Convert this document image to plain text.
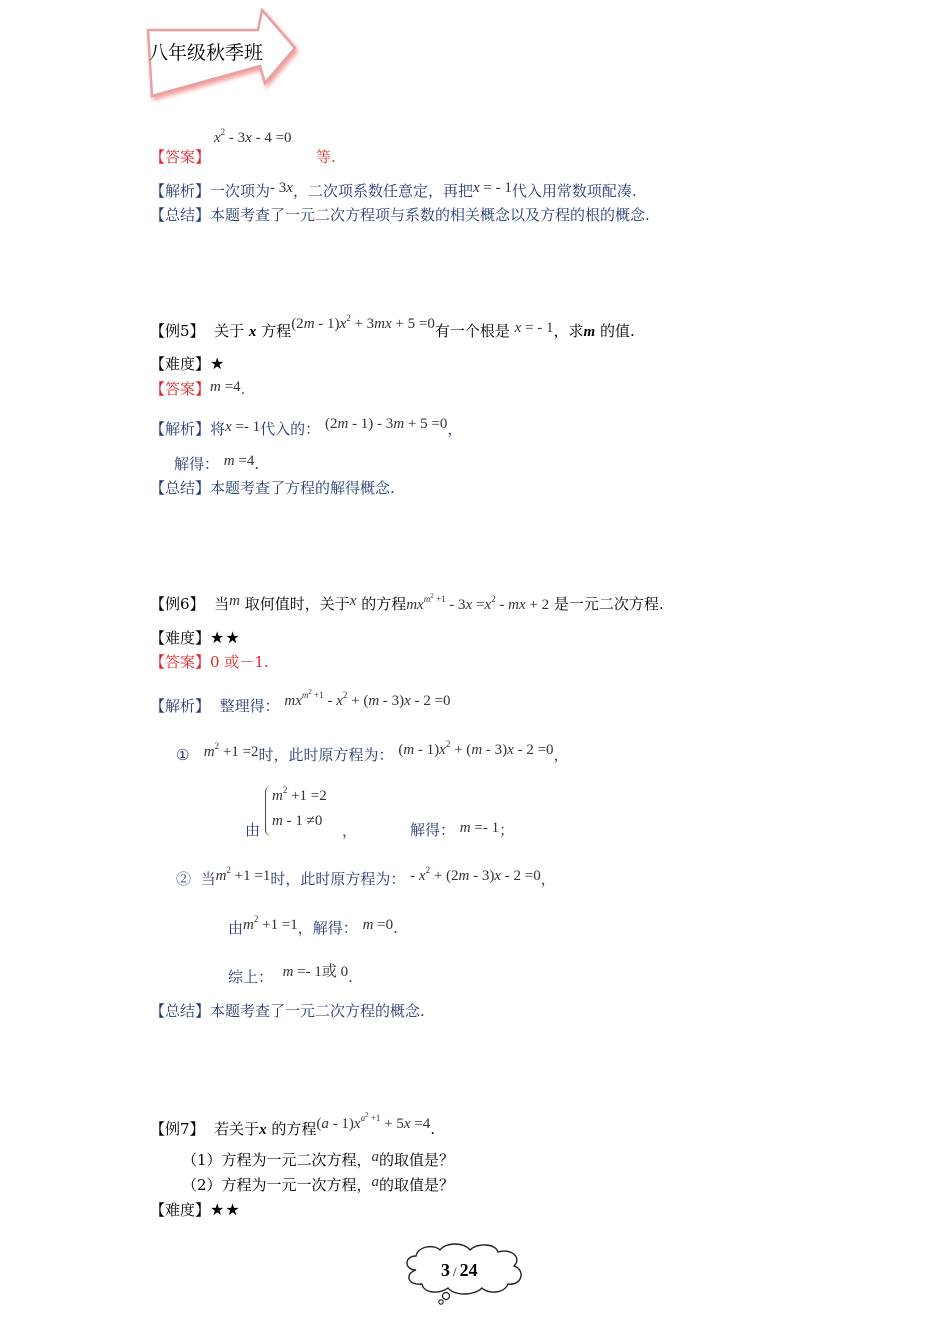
八年级秋季班
【答案】
$x^2 - 3x - 4 =0$
等.
【解析】一次项为- 3x，二次项系数任意定，再把x = - 1代入用常数项配凑.
【总结】本题考查了一元二次方程项与系数的相关概念以及方程的根的概念.
【例5】 关于 x 方程$(2m - 1)x^2 + 3mx + 5 =0$有一个根是 x = - 1，求m 的值.
【难度】★
【答案】m =4.
【解析】将x =- 1代入的： (2m - 1) - 3m + 5 =0，
解得： m =4.
【总结】本题考查了方程的解得概念.
【例6】 当m 取何值时，关于x 的方程$mx^{m^2 +1} - 3x =x^2$ - mx + 2 是一元二次方程.
【难度】★★
【答案】0 或－1.
【解析】 整理得： $mx^{m^2 +1} - x^2 + (m - 3)x - 2 =0$
① $m^2 +1 =2$时，此时原方程为： $(m - 1)x^2 + (m - 3)x - 2 =0$，
由
$m^2 +1 =2$
m - 1 ≠0
，	解得： m =- 1；
② 当$m^2 +1 =1$时，此时原方程为： - $x^2 + (2m - 3)x - 2 =0$，
由$m^2 +1 =1$，解得： m =0.
综上： m =- 1或 0.
【总结】本题考查了一元二次方程的概念.
【例7】 若关于x 的方程$(a - 1)x^{a^2 +1} + 5x =4$.
（1）方程为一元二次方程，a的取值是？
（2）方程为一元一次方程，a的取值是？
【难度】★★
3 / 24
